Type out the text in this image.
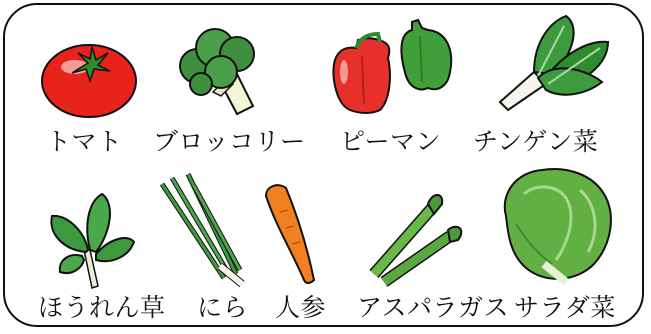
トマト ブロッコリー ピーマン チンゲン菜
ほうれん草 にら 人参 アスパラガス サラダ菜
